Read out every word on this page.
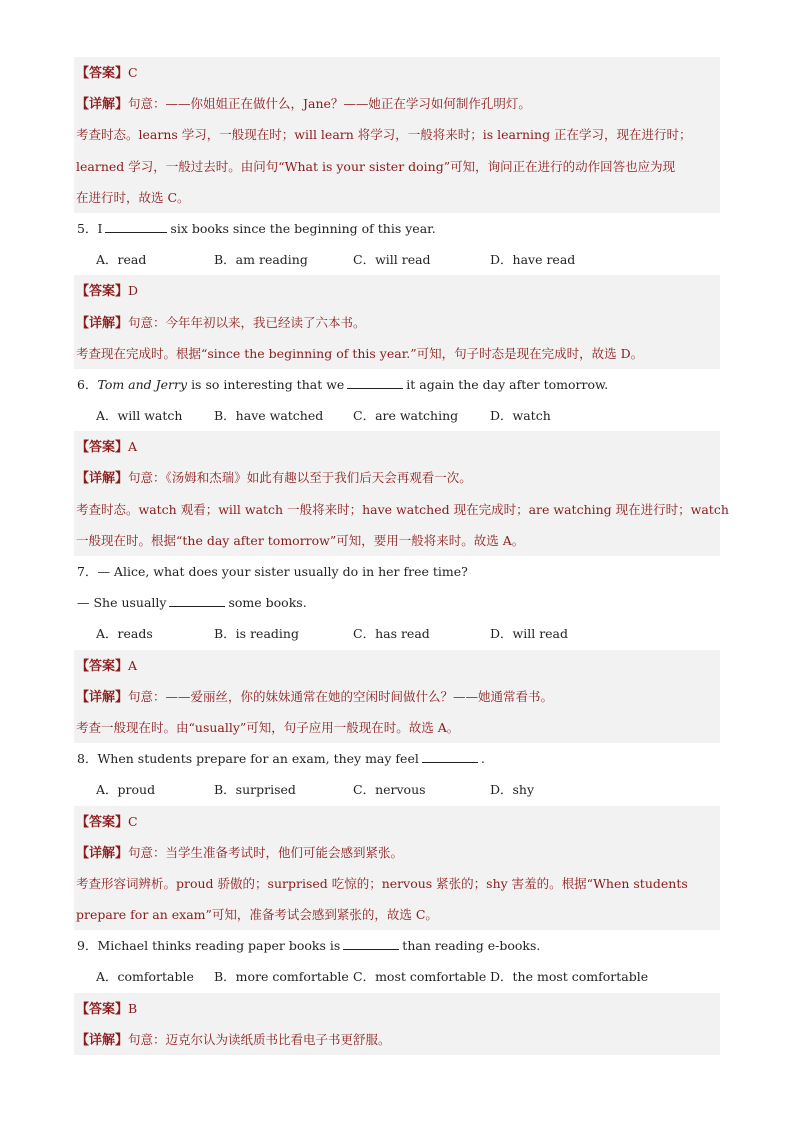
【答案】C
【详解】句意：——你姐姐正在做什么，Jane？——她正在学习如何制作孔明灯。
考查时态。learns 学习，一般现在时；will learn 将学习，一般将来时；is learning 正在学习，现在进行时；
learned 学习，一般过去时。由问句“What is your sister doing”可知，询问正在进行的动作回答也应为现
在进行时，故选 C。
5．I	six books since the beginning of this year.
A．read	B．am reading	C．will read	D．have read
【答案】D
【详解】句意：今年年初以来，我已经读了六本书。
考查现在完成时。根据“since the beginning of this year.”可知，句子时态是现在完成时，故选 D。
6．Tom and Jerry is so interesting that we	it again the day after tomorrow.
A．will watch	B．have watched C．are watching	D．watch
【答案】A
【详解】句意：《汤姆和杰瑞》如此有趣以至于我们后天会再观看一次。
考查时态。watch 观看；will watch 一般将来时；have watched 现在完成时；are watching 现在进行时；watch
一般现在时。根据“the day after tomorrow”可知，要用一般将来时。故选 A。
7．— Alice, what does your sister usually do in her free time?
— She usually	some books.
A．reads	B．is reading	C．has read	D．will read
【答案】A
【详解】句意：——爱丽丝，你的妹妹通常在她的空闲时间做什么？——她通常看书。
考查一般现在时。由“usually”可知，句子应用一般现在时。故选 A。
8．When students prepare for an exam, they may feel	.
A．proud	B．surprised	C．nervous	D．shy
【答案】C
【详解】句意：当学生准备考试时，他们可能会感到紧张。
考查形容词辨析。proud 骄傲的；surprised 吃惊的；nervous 紧张的；shy 害羞的。根据“When students
prepare for an exam”可知，准备考试会感到紧张的，故选 C。
9．Michael thinks reading paper books is	than reading e-books.
A．comfortable B．more comfortable C．most comfortable D．the most comfortable
【答案】B
【详解】句意：迈克尔认为读纸质书比看电子书更舒服。
